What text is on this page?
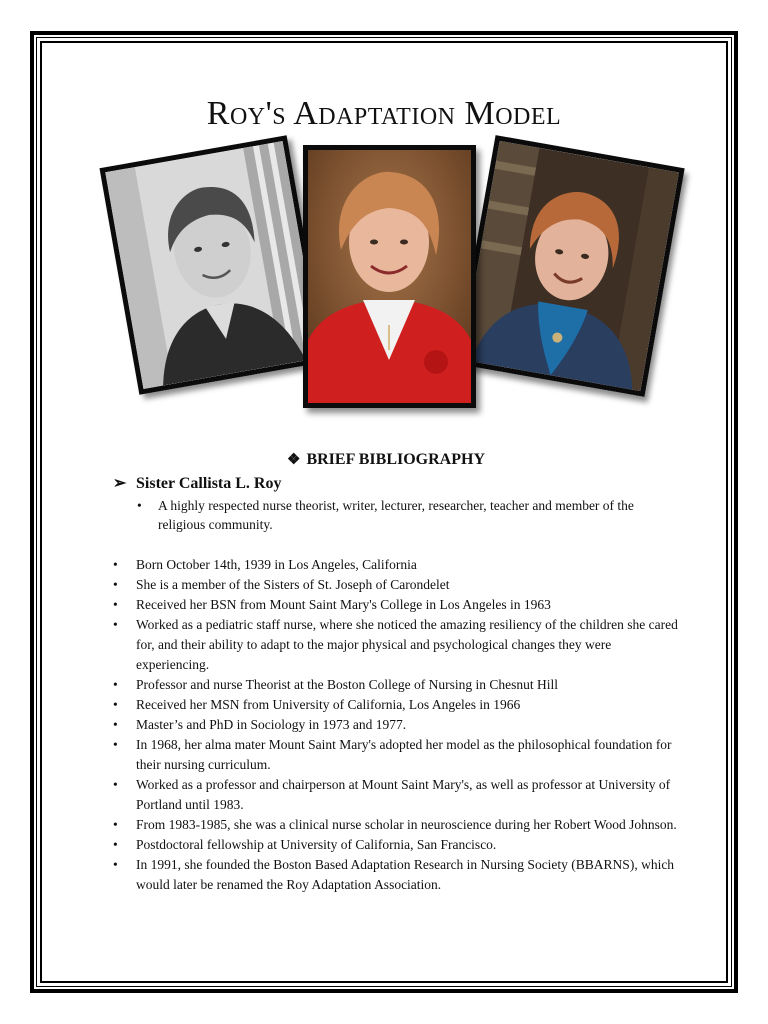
Roy's Adaptation Model
❖ BRIEF BIBLIOGRAPHY
➢ Sister Callista L. Roy
• A highly respected nurse theorist, writer, lecturer, researcher, teacher and member of the religious community.
• Born October 14th, 1939 in Los Angeles, California
• She is a member of the Sisters of St. Joseph of Carondelet
• Received her BSN from Mount Saint Mary's College in Los Angeles in 1963
• Worked as a pediatric staff nurse, where she noticed the amazing resiliency of the children she cared for, and their ability to adapt to the major physical and psychological changes they were experiencing.
• Professor and nurse Theorist at the Boston College of Nursing in Chesnut Hill
• Received her MSN from University of California, Los Angeles in 1966
• Master’s and PhD in Sociology in 1973 and 1977.
• In 1968, her alma mater Mount Saint Mary's adopted her model as the philosophical foundation for their nursing curriculum.
• Worked as a professor and chairperson at Mount Saint Mary's, as well as professor at University of Portland until 1983.
• From 1983-1985, she was a clinical nurse scholar in neuroscience during her Robert Wood Johnson.
• Postdoctoral fellowship at University of California, San Francisco.
• In 1991, she founded the Boston Based Adaptation Research in Nursing Society (BBARNS), which would later be renamed the Roy Adaptation Association.
